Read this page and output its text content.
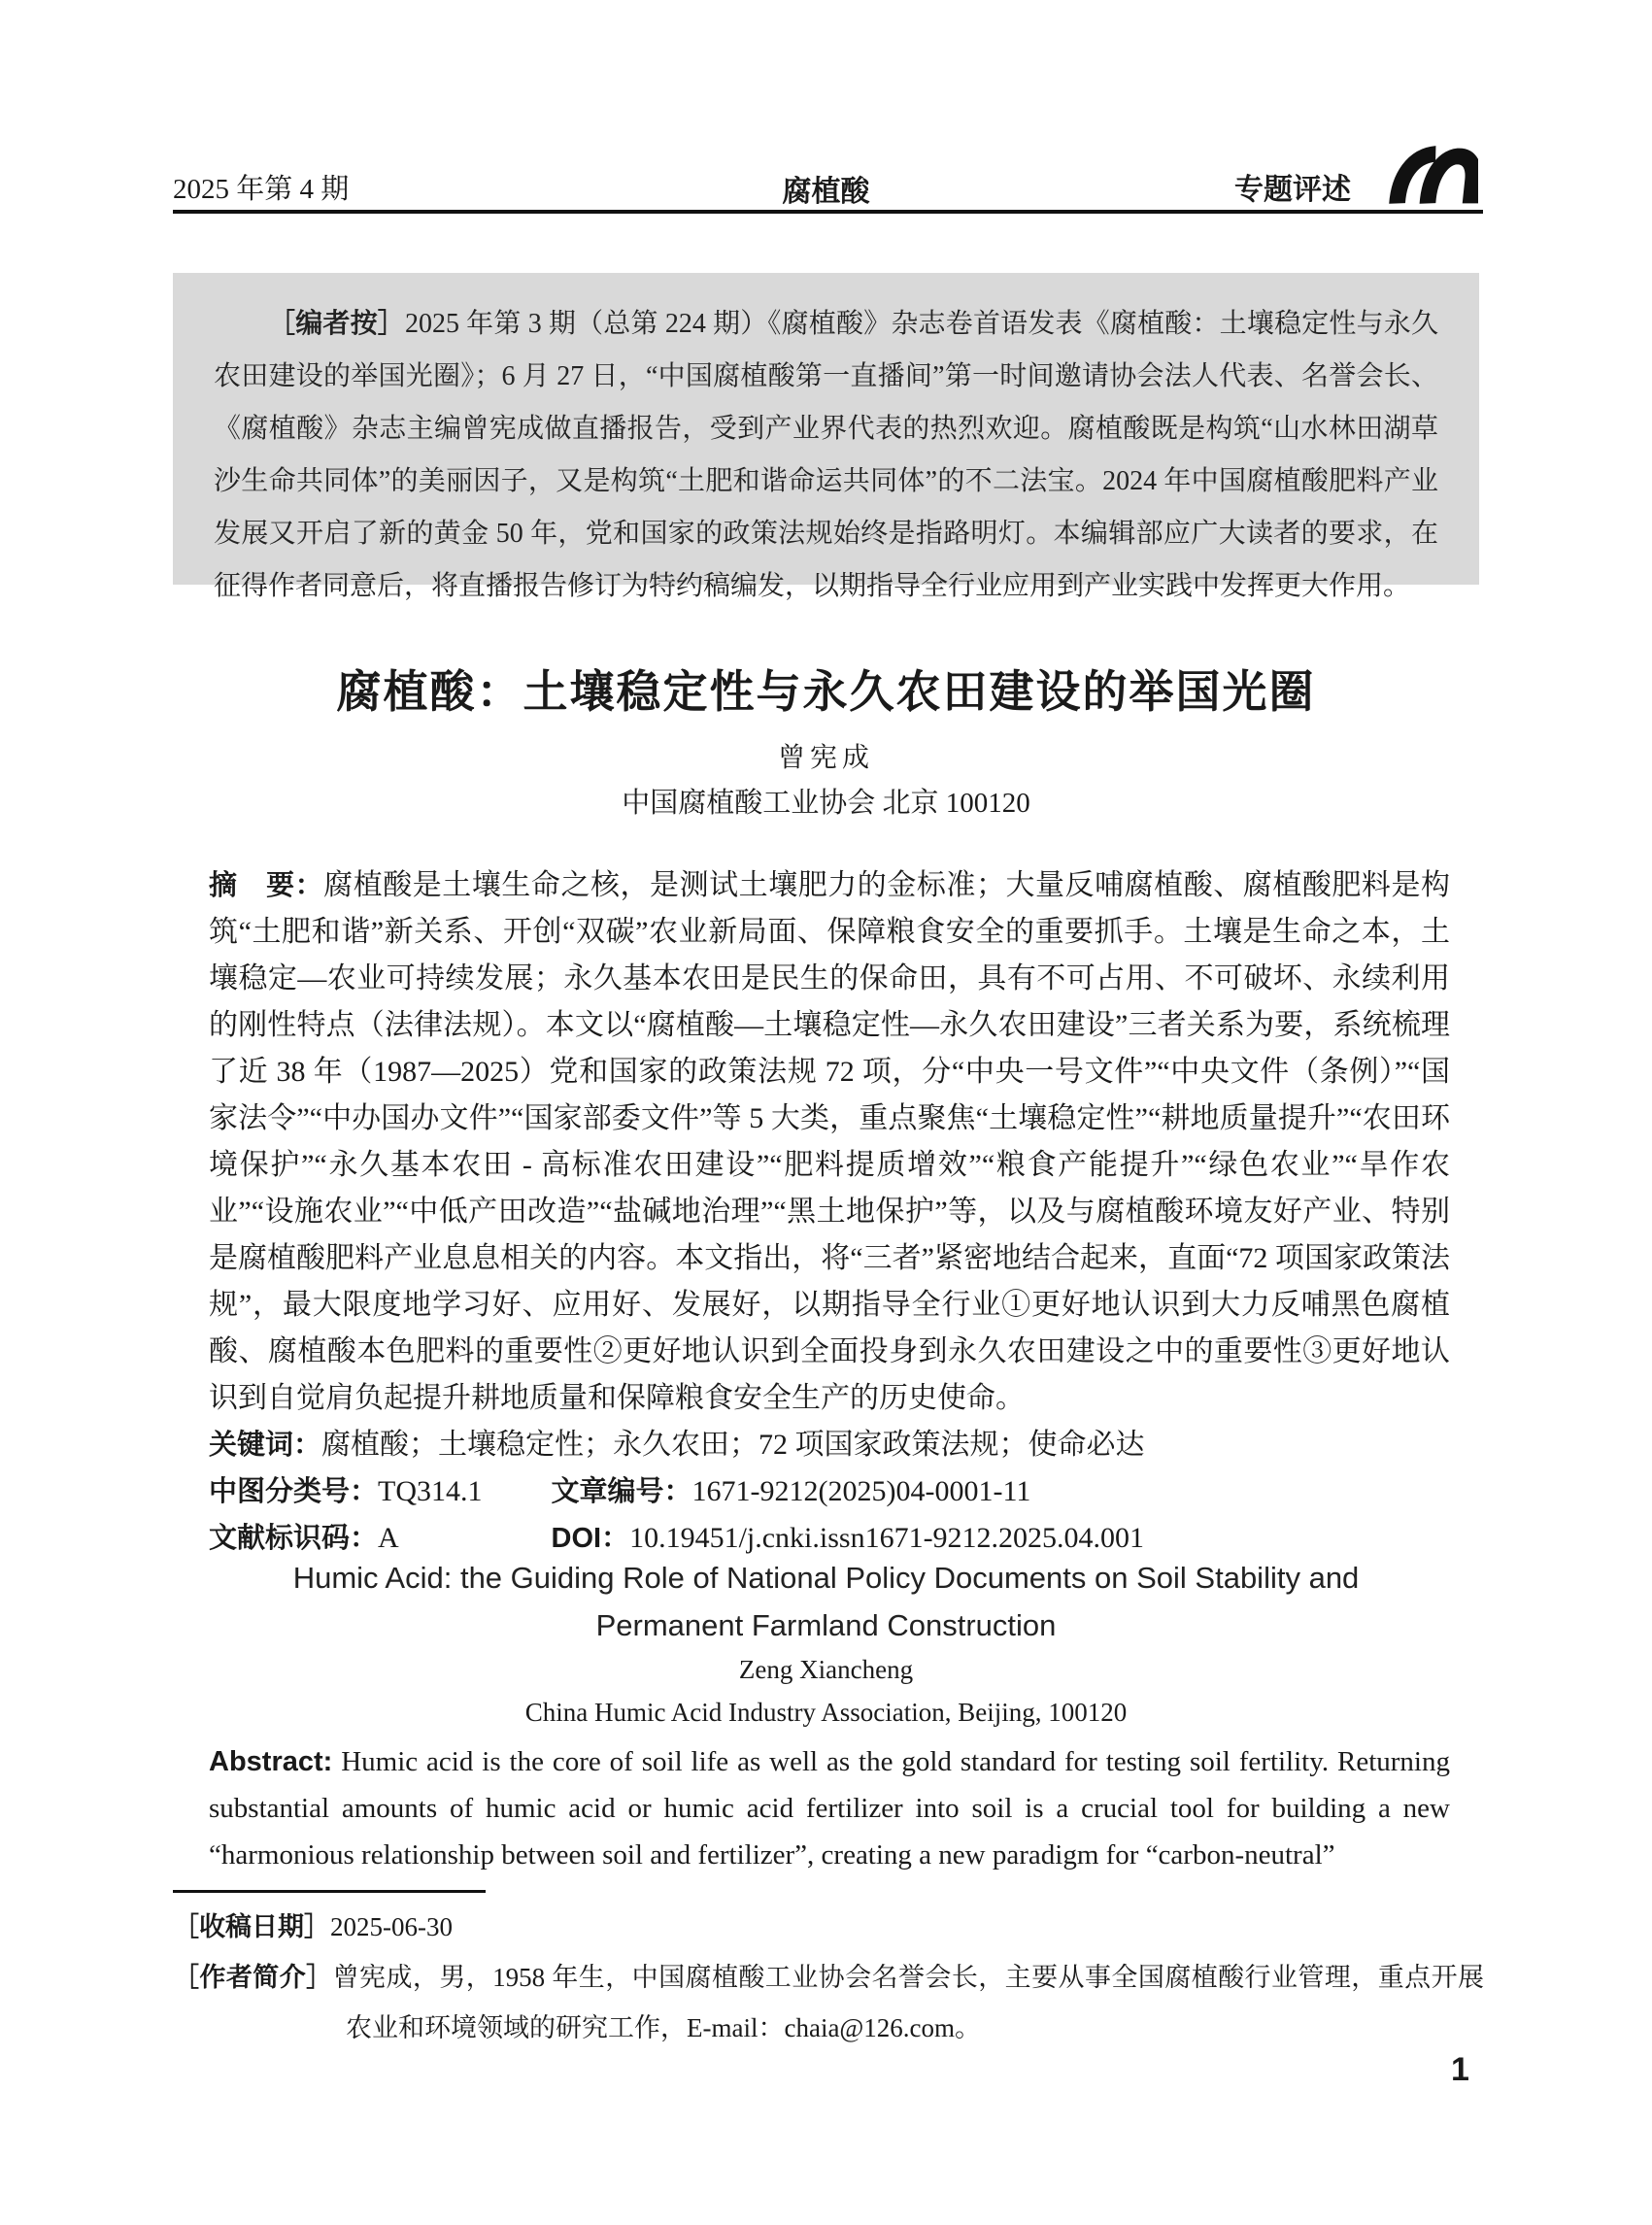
2025 年第 4 期	腐植酸	专题评述

［编者按］2025 年第 3 期（总第 224 期）《腐植酸》杂志卷首语发表《腐植酸：土壤稳定性与永久农田建设的举国光圈》；6 月 27 日，“中国腐植酸第一直播间”第一时间邀请协会法人代表、名誉会长、《腐植酸》杂志主编曾宪成做直播报告，受到产业界代表的热烈欢迎。腐植酸既是构筑“山水林田湖草沙生命共同体”的美丽因子，又是构筑“土肥和谐命运共同体”的不二法宝。2024 年中国腐植酸肥料产业发展又开启了新的黄金 50 年，党和国家的政策法规始终是指路明灯。本编辑部应广大读者的要求，在征得作者同意后，将直播报告修订为特约稿编发，以期指导全行业应用到产业实践中发挥更大作用。

腐植酸：土壤稳定性与永久农田建设的举国光圈
曾宪成
中国腐植酸工业协会 北京 100120

摘　要：腐植酸是土壤生命之核，是测试土壤肥力的金标准；大量反哺腐植酸、腐植酸肥料是构筑“土肥和谐”新关系、开创“双碳”农业新局面、保障粮食安全的重要抓手。土壤是生命之本，土壤稳定—农业可持续发展；永久基本农田是民生的保命田，具有不可占用、不可破坏、永续利用的刚性特点（法律法规）。本文以“腐植酸—土壤稳定性—永久农田建设”三者关系为要，系统梳理了近 38 年（1987—2025）党和国家的政策法规 72 项，分“中央一号文件”“中央文件（条例）”“国家法令”“中办国办文件”“国家部委文件”等 5 大类，重点聚焦“土壤稳定性”“耕地质量提升”“农田环境保护”“永久基本农田 - 高标准农田建设”“肥料提质增效”“粮食产能提升”“绿色农业”“旱作农业”“设施农业”“中低产田改造”“盐碱地治理”“黑土地保护”等，以及与腐植酸环境友好产业、特别是腐植酸肥料产业息息相关的内容。本文指出，将“三者”紧密地结合起来，直面“72 项国家政策法规”，最大限度地学习好、应用好、发展好，以期指导全行业①更好地认识到大力反哺黑色腐植酸、腐植酸本色肥料的重要性②更好地认识到全面投身到永久农田建设之中的重要性③更好地认识到自觉肩负起提升耕地质量和保障粮食安全生产的历史使命。

关键词：腐植酸；土壤稳定性；永久农田；72 项国家政策法规；使命必达

中图分类号：TQ314.1 文章编号：1671-9212(2025)04-0001-11
文献标识码：A	DOI：10.19451/j.cnki.issn1671-9212.2025.04.001
Humic Acid: the Guiding Role of National Policy Documents on Soil Stability and
Permanent Farmland Construction
Zeng Xiancheng
China Humic Acid Industry Association, Beijing, 100120

Abstract: Humic acid is the core of soil life as well as the gold standard for testing soil fertility. Returning substantial amounts of humic acid or humic acid fertilizer into soil is a crucial tool for building a new “harmonious relationship between soil and fertilizer”, creating a new paradigm for “carbon-neutral”

［收稿日期］2025-06-30

［作者简介］曾宪成，男，1958 年生，中国腐植酸工业协会名誉会长，主要从事全国腐植酸行业管理，重点开展农业和环境领域的研究工作，E-mail：chaia@126.com。

1
